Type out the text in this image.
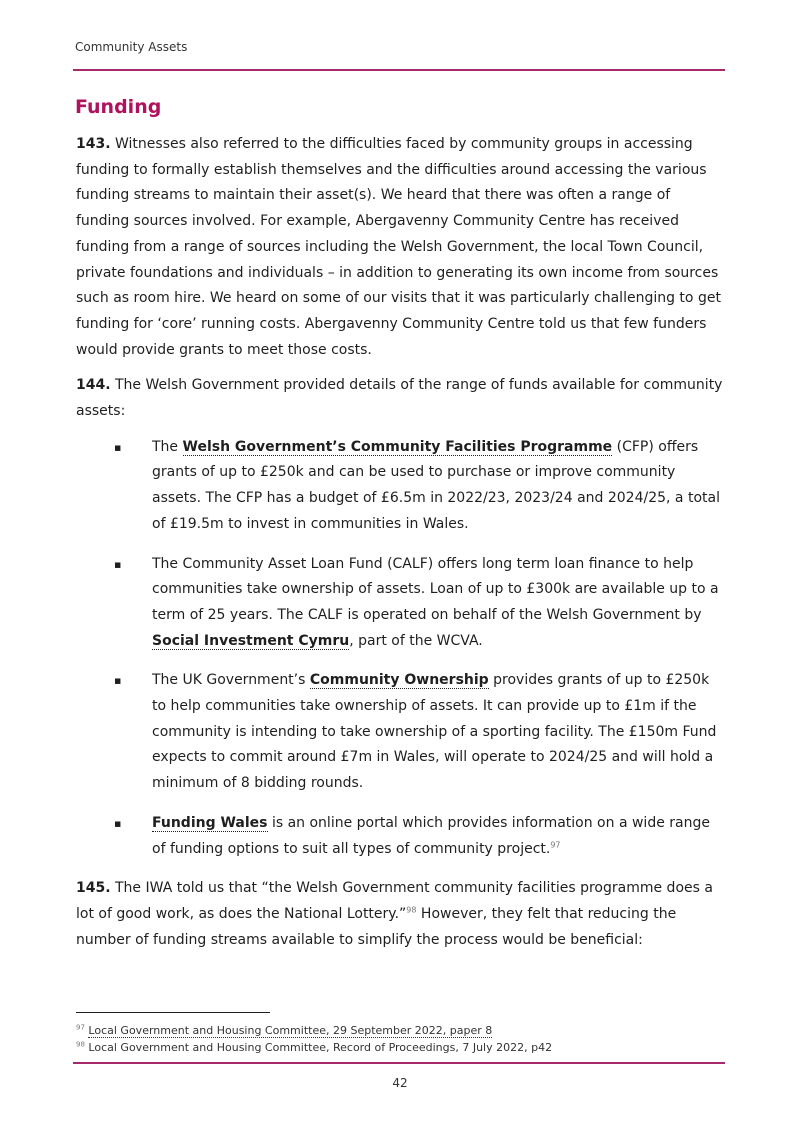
Community Assets
Funding

143. Witnesses also referred to the difficulties faced by community groups in accessing funding to formally establish themselves and the difficulties around accessing the various funding streams to maintain their asset(s). We heard that there was often a range of funding sources involved. For example, Abergavenny Community Centre has received funding from a range of sources including the Welsh Government, the local Town Council, private foundations and individuals – in addition to generating its own income from sources such as room hire. We heard on some of our visits that it was particularly challenging to get funding for ‘core’ running costs. Abergavenny Community Centre told us that few funders would provide grants to meet those costs.

144. The Welsh Government provided details of the range of funds available for community assets:

▪ The Welsh Government’s Community Facilities Programme (CFP) offers grants of up to £250k and can be used to purchase or improve community assets. The CFP has a budget of £6.5m in 2022/23, 2023/24 and 2024/25, a total of £19.5m to invest in communities in Wales.
▪ The Community Asset Loan Fund (CALF) offers long term loan finance to help communities take ownership of assets. Loan of up to £300k are available up to a term of 25 years. The CALF is operated on behalf of the Welsh Government by Social Investment Cymru, part of the WCVA.
▪ The UK Government’s Community Ownership provides grants of up to £250k to help communities take ownership of assets. It can provide up to £1m if the community is intending to take ownership of a sporting facility. The £150m Fund expects to commit around £7m in Wales, will operate to 2024/25 and will hold a minimum of 8 bidding rounds.
▪ Funding Wales is an online portal which provides information on a wide range of funding options to suit all types of community project.$^{97}$

145. The IWA told us that “the Welsh Government community facilities programme does a lot of good work, as does the National Lottery.”$^{98}$ However, they felt that reducing the number of funding streams available to simplify the process would be beneficial:

$^{97}$ Local Government and Housing Committee, 29 September 2022, paper 8
$^{98}$ Local Government and Housing Committee, Record of Proceedings, 7 July 2022, p42
42
